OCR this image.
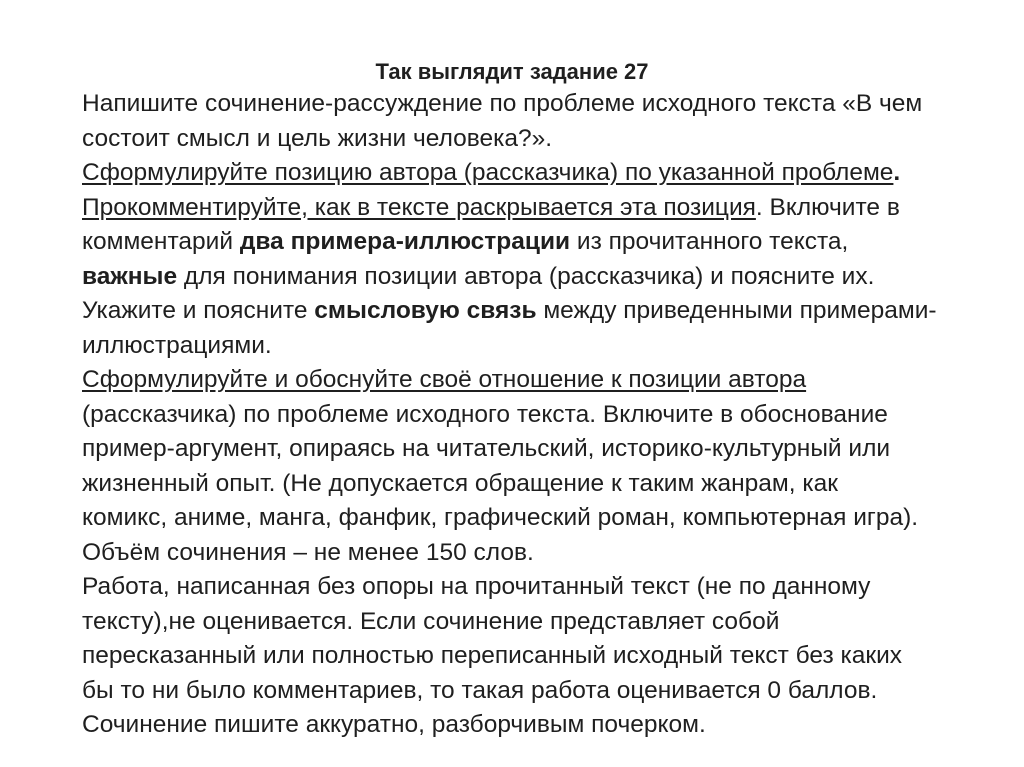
Так выглядит задание 27
Напишите сочинение-рассуждение по проблеме исходного текста «В чем
состоит смысл и цель жизни человека?».
Сформулируйте позицию автора (рассказчика) по указанной проблеме.
Прокомментируйте, как в тексте раскрывается эта позиция. Включите в
комментарий два примера-иллюстрации из прочитанного текста,
важные для понимания позиции автора (рассказчика) и поясните их.
Укажите и поясните смысловую связь между приведенными примерами-
иллюстрациями.
Сформулируйте и обоснуйте своё отношение к позиции автора
(рассказчика) по проблеме исходного текста. Включите в обоснование
пример-аргумент, опираясь на читательский, историко-культурный или
жизненный опыт. (Не допускается обращение к таким жанрам, как
комикс, аниме, манга, фанфик, графический роман, компьютерная игра).
Объём сочинения – не менее 150 слов.
Работа, написанная без опоры на прочитанный текст (не по данному
тексту),не оценивается. Если сочинение представляет собой
пересказанный или полностью переписанный исходный текст без каких
бы то ни было комментариев, то такая работа оценивается 0 баллов.
Сочинение пишите аккуратно, разборчивым почерком.
